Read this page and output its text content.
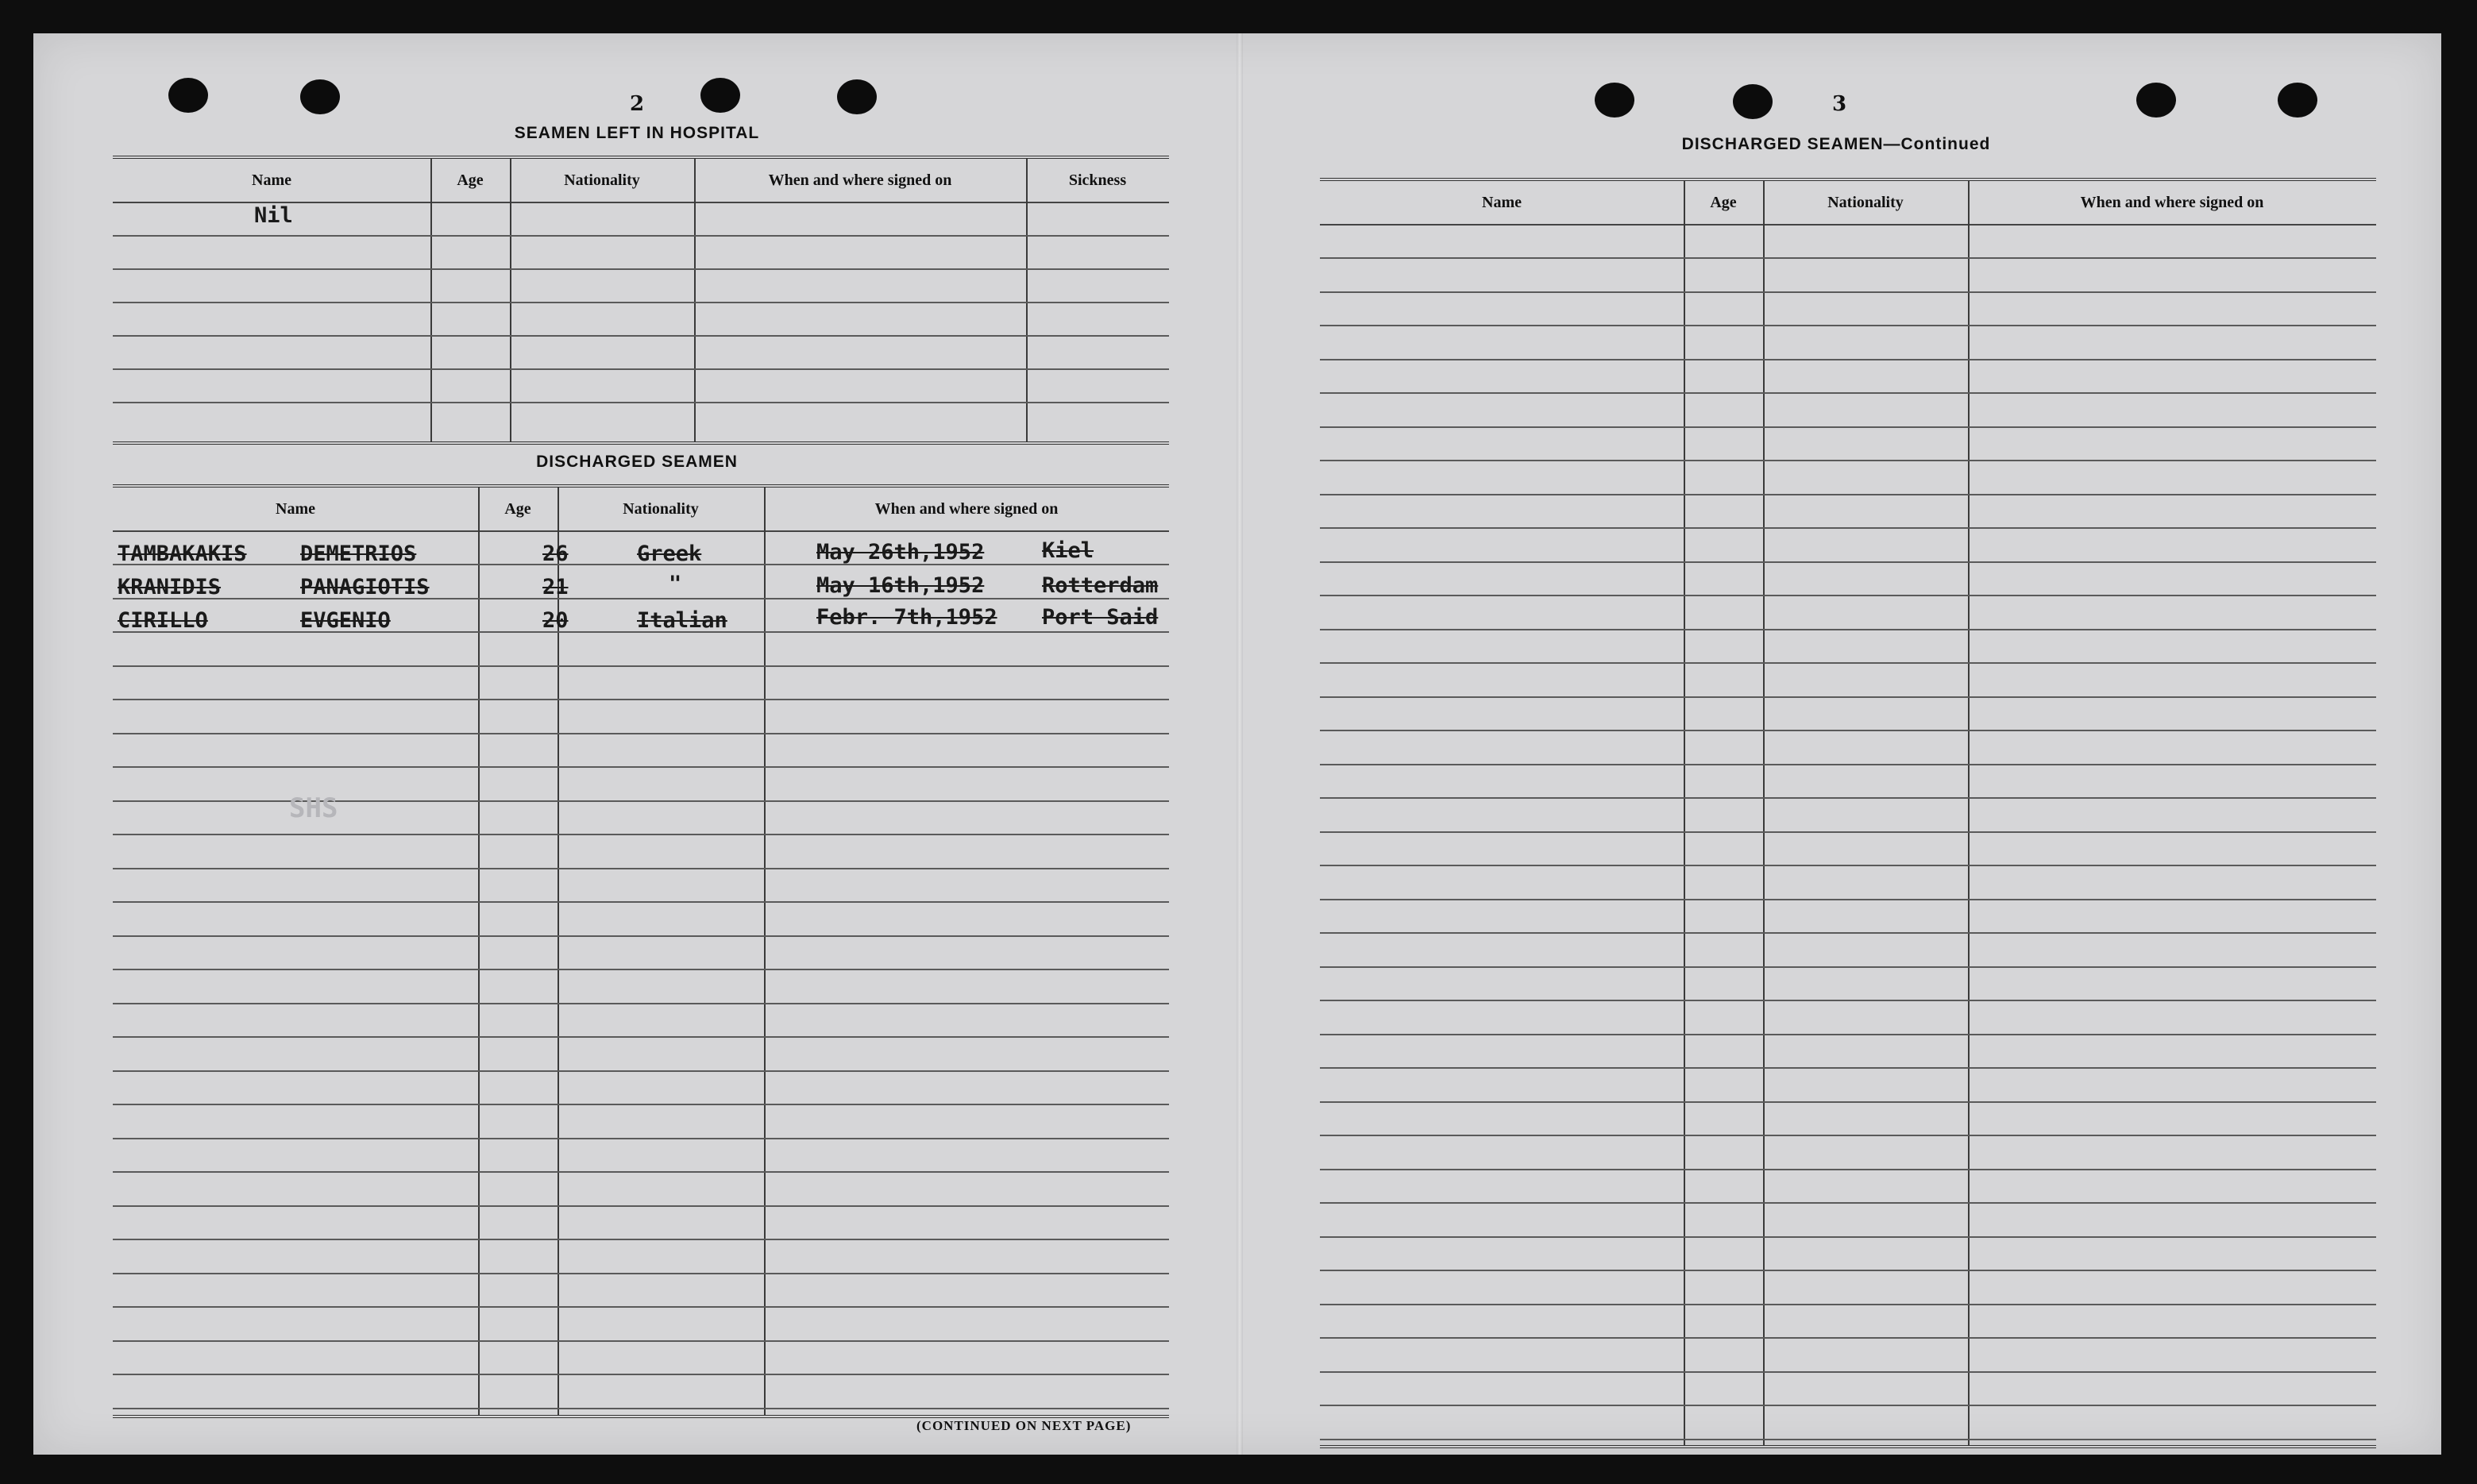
2
SEAMEN LEFT IN HOSPITAL
Name	Age	Nationality	When and where signed on	Sickness
Nil
DISCHARGED SEAMEN
Name	Age	Nationality	When and where signed on
TAMBAKAKIS DEMETRIOS	26	Greek	May 26th,1952	Kiel
KRANIDIS	PANAGIOTIS	21	"	May 16th,1952	Rotterdam
CIRILLO	EVGENIO	20	Italian	Febr. 7th,1952 Port Said
SHS
(CONTINUED ON NEXT PAGE)
3
DISCHARGED SEAMEN—Continued
Name	Age	Nationality	When and where signed on
